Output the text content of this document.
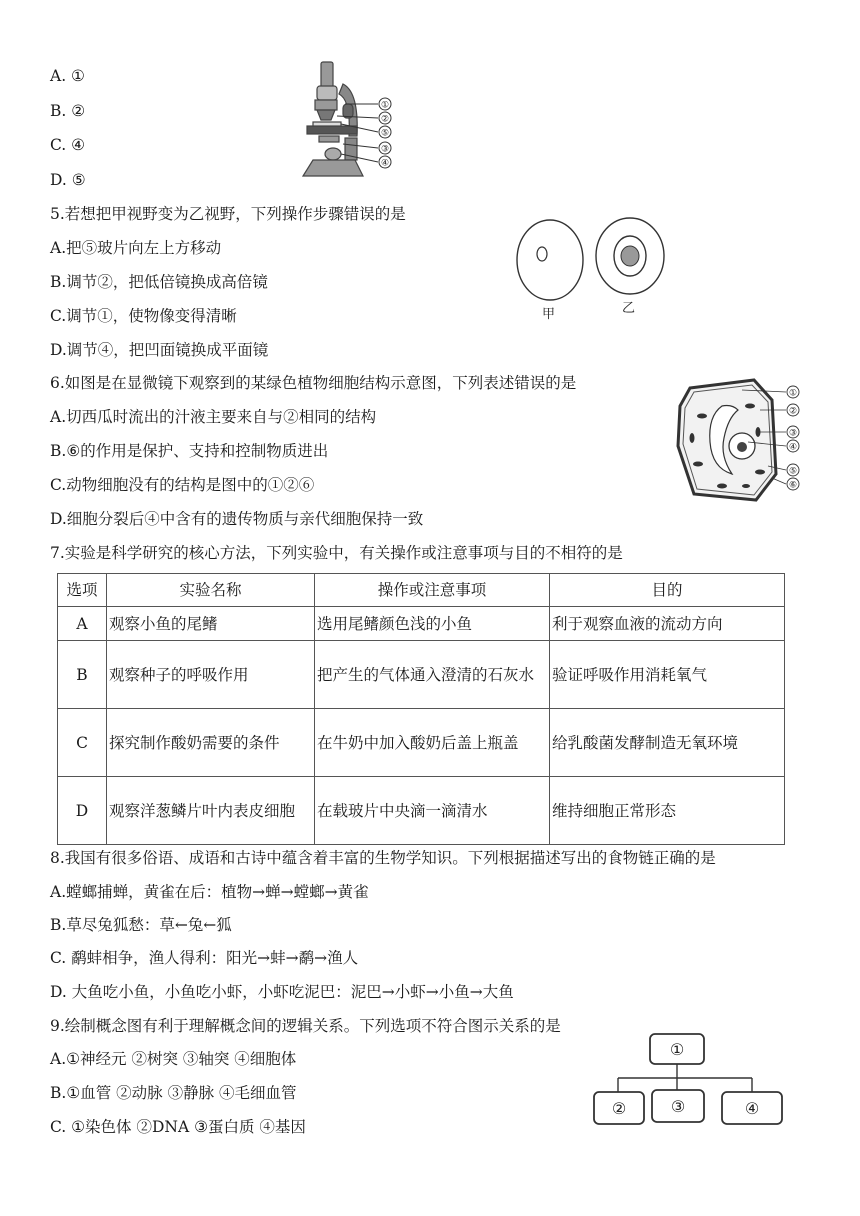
A. ①
B. ②
C. ④
D. ⑤
①
②
⑤
③
④
5.若想把甲视野变为乙视野，下列操作步骤错误的是
A.把⑤玻片向左上方移动
B.调节②，把低倍镜换成高倍镜
C.调节①，使物像变得清晰
D.调节④，把凹面镜换成平面镜
甲	乙
6.如图是在显微镜下观察到的某绿色植物细胞结构示意图，下列表述错误的是
A.切西瓜时流出的汁液主要来自与②相同的结构
B.⑥的作用是保护、支持和控制物质进出
C.动物细胞没有的结构是图中的①②⑥
D.细胞分裂后④中含有的遗传物质与亲代细胞保持一致
①
②
③
④
⑤
⑥
7.实验是科学研究的核心方法，下列实验中，有关操作或注意事项与目的不相符的是
选项	实验名称	操作或注意事项	目的
A	观察小鱼的尾鳍	选用尾鳍颜色浅的小鱼	利于观察血液的流动方向
B	观察种子的呼吸作用	把产生的气体通入澄清的石灰水	验证呼吸作用消耗氧气
C	探究制作酸奶需要的条件	在牛奶中加入酸奶后盖上瓶盖	给乳酸菌发酵制造无氧环境
D	观察洋葱鳞片叶内表皮细胞	在载玻片中央滴一滴清水	维持细胞正常形态
8.我国有很多俗语、成语和古诗中蕴含着丰富的生物学知识。下列根据描述写出的食物链正确的是
A.螳螂捕蝉，黄雀在后：植物→蝉→螳螂→黄雀
B.草尽兔狐愁：草←兔←狐
C. 鹬蚌相争，渔人得利：阳光→蚌→鹬→渔人
D. 大鱼吃小鱼，小鱼吃小虾，小虾吃泥巴：泥巴→小虾→小鱼→大鱼
9.绘制概念图有利于理解概念间的逻辑关系。下列选项不符合图示关系的是
A.①神经元 ②树突 ③轴突 ④细胞体
B.①血管 ②动脉 ③静脉 ④毛细血管
C. ①染色体 ②DNA ③蛋白质 ④基因
①
②	③	④
